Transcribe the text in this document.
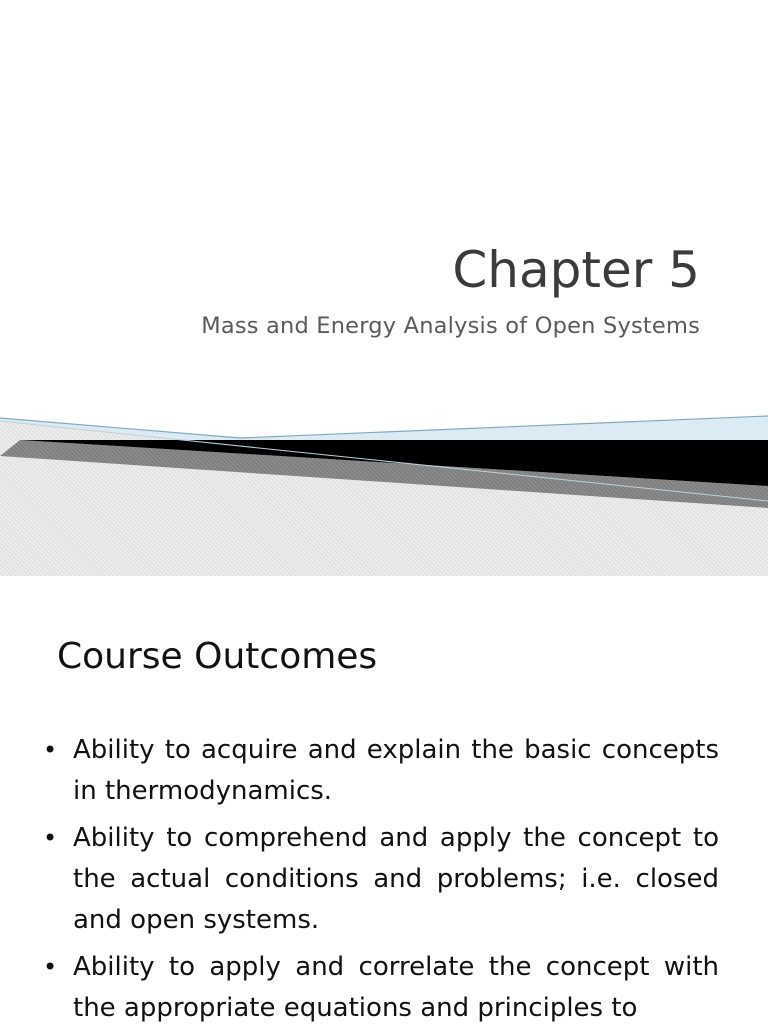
Chapter 5

Mass and Energy Analysis of Open Systems

Course Outcomes
• Ability to acquire and explain the basic concepts in thermodynamics.
• Ability to comprehend and apply the concept to the actual conditions and problems; i.e. closed and open systems.
• Ability to apply and correlate the concept with the appropriate equations and principles to
